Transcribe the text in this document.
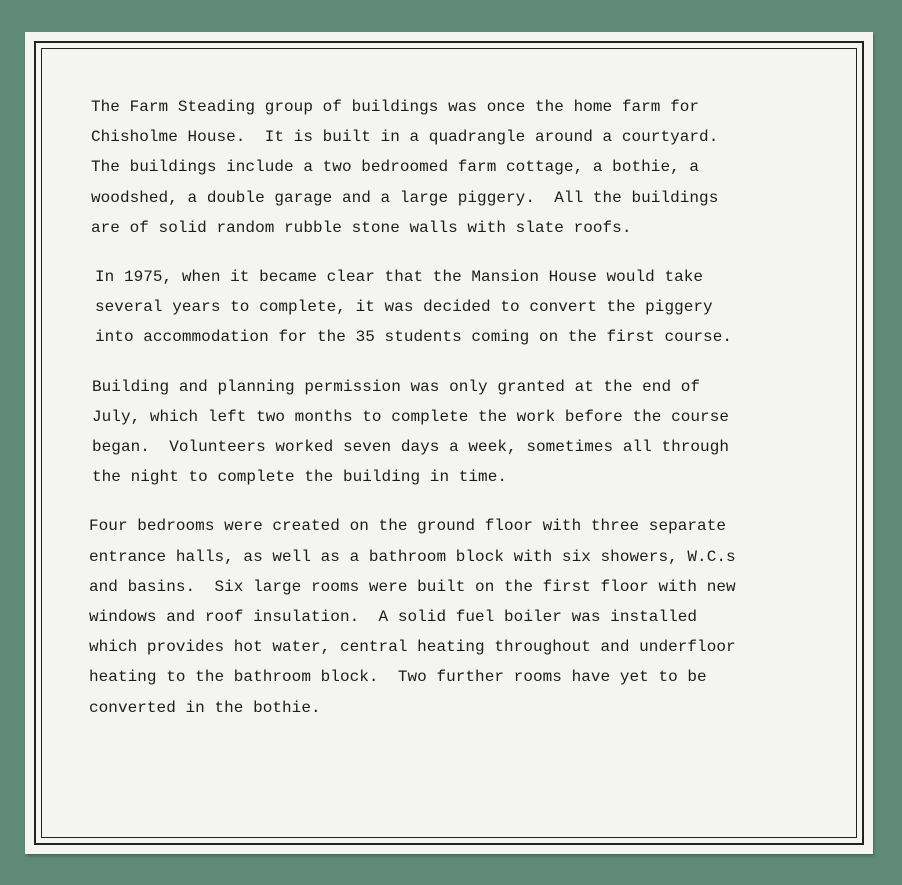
The Farm Steading group of buildings was once the home farm for
Chisholme House.  It is built in a quadrangle around a courtyard.
The buildings include a two bedroomed farm cottage, a bothie, a
woodshed, a double garage and a large piggery.  All the buildings
are of solid random rubble stone walls with slate roofs.

In 1975, when it became clear that the Mansion House would take
several years to complete, it was decided to convert the piggery
into accommodation for the 35 students coming on the first course.

Building and planning permission was only granted at the end of
July, which left two months to complete the work before the course
began.  Volunteers worked seven days a week, sometimes all through
the night to complete the building in time.

Four bedrooms were created on the ground floor with three separate
entrance halls, as well as a bathroom block with six showers, W.C.s
and basins.  Six large rooms were built on the first floor with new
windows and roof insulation.  A solid fuel boiler was installed
which provides hot water, central heating throughout and underfloor
heating to the bathroom block.  Two further rooms have yet to be
converted in the bothie.
